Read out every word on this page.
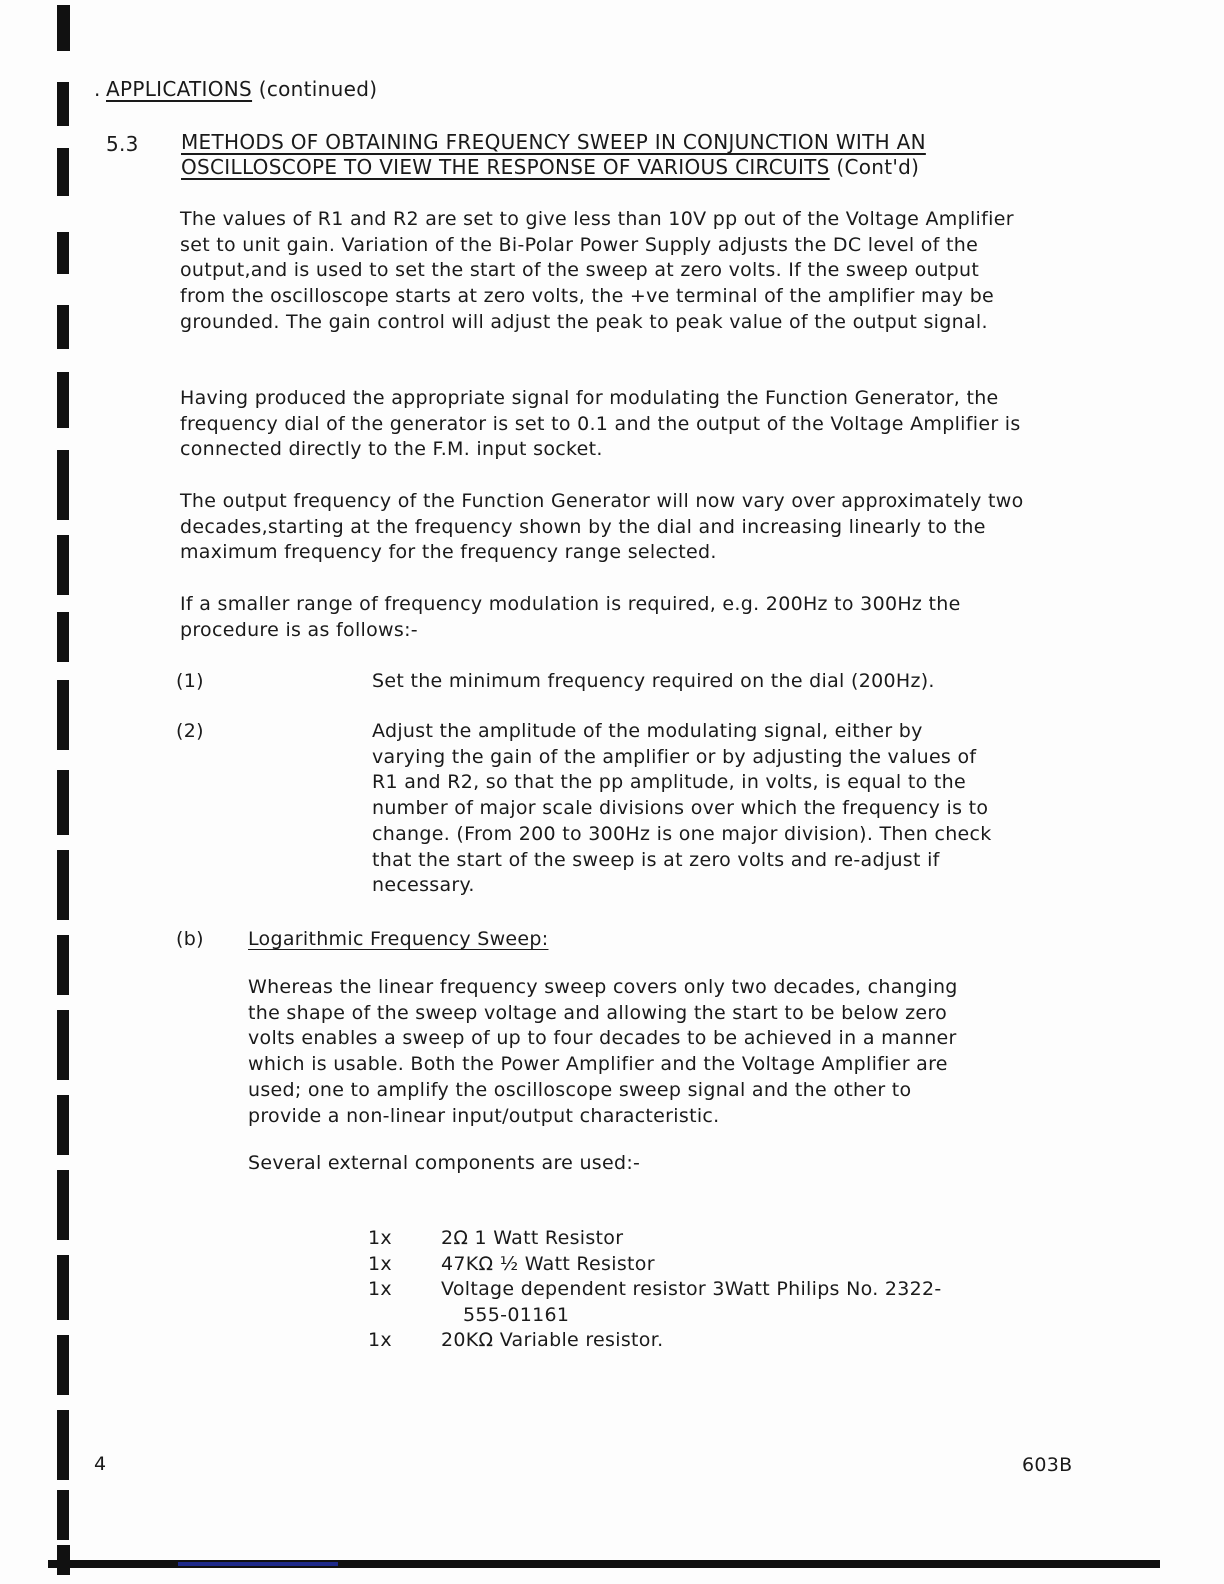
. APPLICATIONS (continued)
5.3 METHODS OF OBTAINING FREQUENCY SWEEP IN CONJUNCTION WITH AN OSCILLOSCOPE TO VIEW THE RESPONSE OF VARIOUS CIRCUITS (Cont'd)

The values of R1 and R2 are set to give less than 10V pp out of the Voltage Amplifier set to unit gain. Variation of the Bi-Polar Power Supply adjusts the DC level of the output,and is used to set the start of the sweep at zero volts. If the sweep output from the oscilloscope starts at zero volts, the +ve terminal of the amplifier may be grounded. The gain control will adjust the peak to peak value of the output signal.

Having produced the appropriate signal for modulating the Function Generator, the frequency dial of the generator is set to 0.1 and the output of the Voltage Amplifier is connected directly to the F.M. input socket.

The output frequency of the Function Generator will now vary over approximately two decades,starting at the frequency shown by the dial and increasing linearly to the maximum frequency for the frequency range selected.

If a smaller range of frequency modulation is required, e.g. 200Hz to 300Hz the procedure is as follows:-

(1)	Set the minimum frequency required on the dial (200Hz).

(2)	Adjust the amplitude of the modulating signal, either by varying the gain of the amplifier or by adjusting the values of R1 and R2, so that the pp amplitude, in volts, is equal to the number of major scale divisions over which the frequency is to change. (From 200 to 300Hz is one major division). Then check that the start of the sweep is at zero volts and re-adjust if necessary.

(b) Logarithmic Frequency Sweep:

Whereas the linear frequency sweep covers only two decades, changing the shape of the sweep voltage and allowing the start to be below zero volts enables a sweep of up to four decades to be achieved in a manner which is usable. Both the Power Amplifier and the Voltage Amplifier are used; one to amplify the oscilloscope sweep signal and the other to provide a non-linear input/output characteristic.

Several external components are used:-

1x	2Ω 1 Watt Resistor
1x	47KΩ ½ Watt Resistor
1x	Voltage dependent resistor 3Watt Philips No. 2322-
555-01161
1x	20KΩ Variable resistor.
4	603B
